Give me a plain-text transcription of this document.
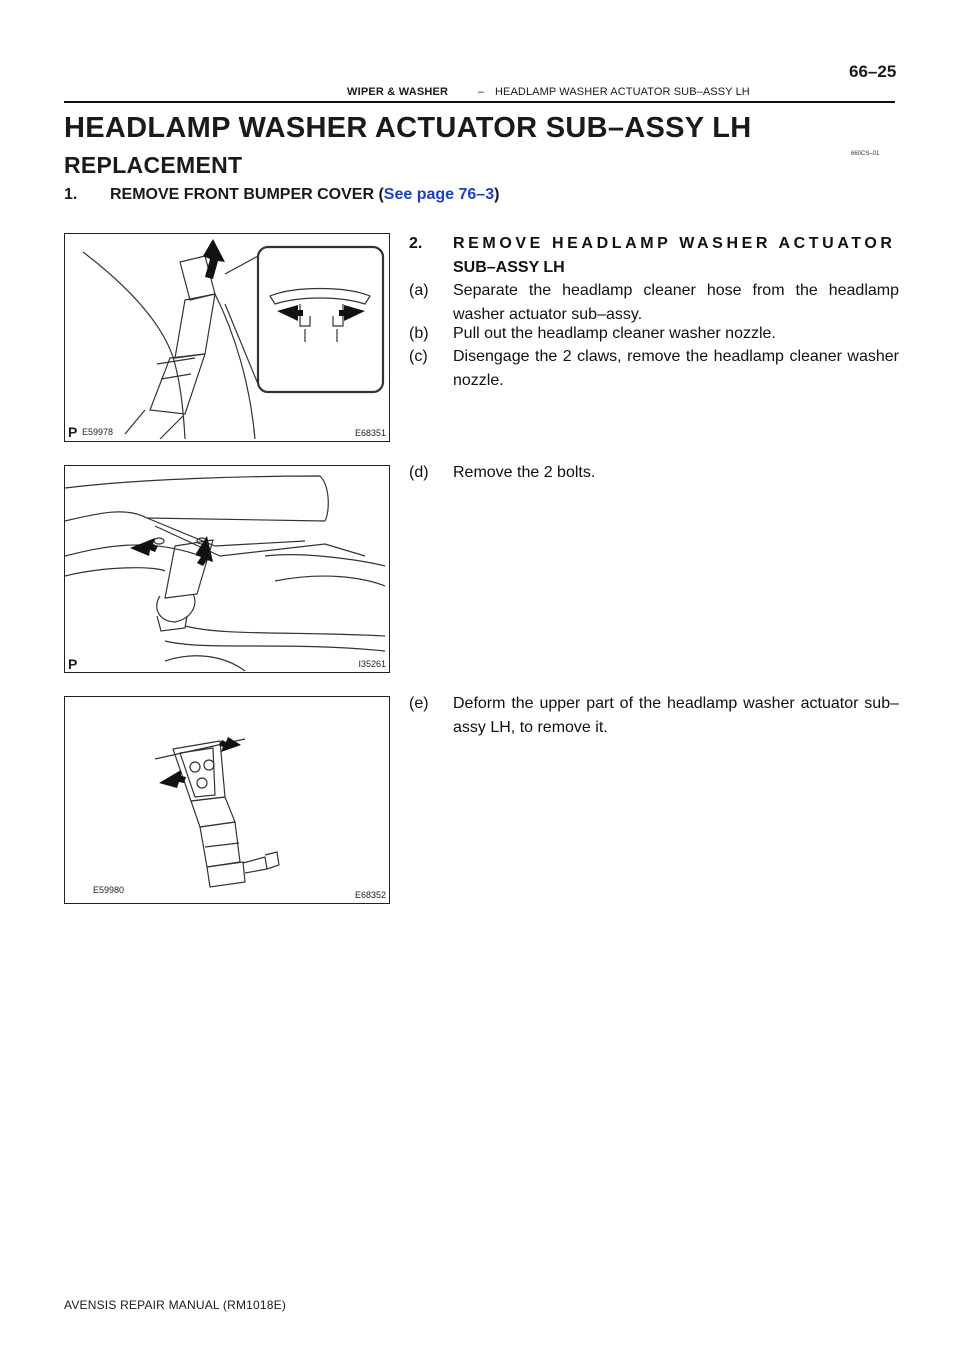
66–25
WIPER & WASHER	– HEADLAMP WASHER ACTUATOR SUB–ASSY LH
HEADLAMP WASHER ACTUATOR SUB–ASSY LH
REPLACEMENT	660CS–01
1. REMOVE FRONT BUMPER COVER (See page 76–3)
2. REMOVE HEADLAMP WASHER ACTUATOR
SUB–ASSY LH
(a)	Separate the headlamp cleaner hose from the headlamp washer actuator sub–assy.
(b)	Pull out the headlamp cleaner washer nozzle.
(c)	Disengage the 2 claws, remove the headlamp cleaner washer nozzle.
(d)	Remove the 2 bolts.
(e)	Deform the upper part of the headlamp washer actuator sub–assy LH, to remove it.
P E59978	E68351
P	I35261
E59980	E68352
AVENSIS REPAIR MANUAL (RM1018E)
